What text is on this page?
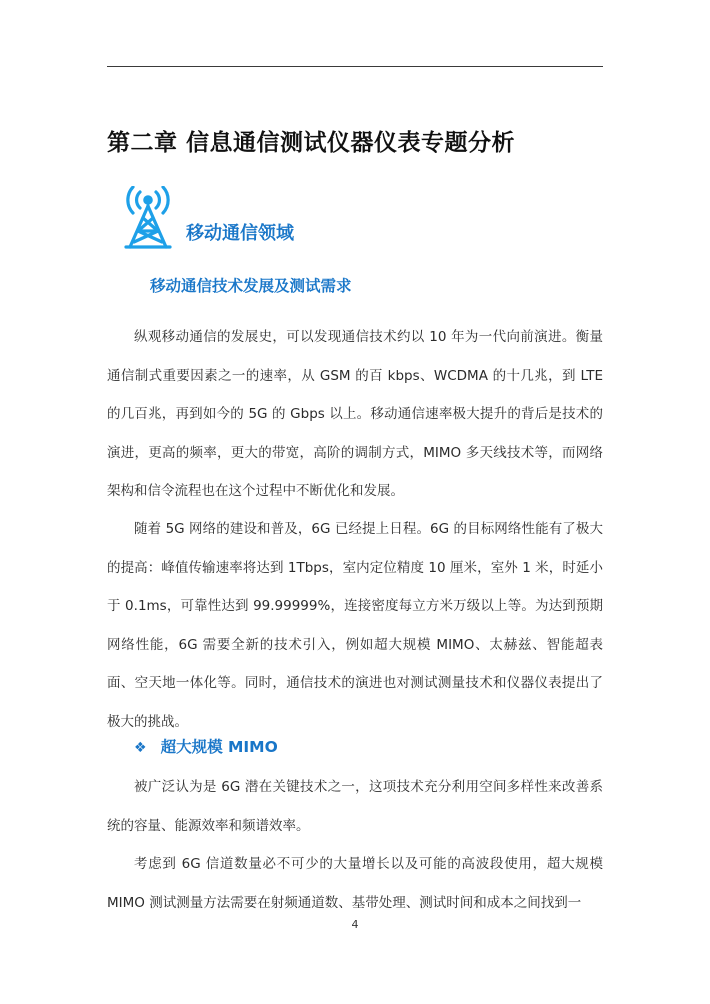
第二章 信息通信测试仪器仪表专题分析
移动通信领域
移动通信技术发展及测试需求

纵观移动通信的发展史，可以发现通信技术约以 10 年为一代向前演进。衡量通信制式重要因素之一的速率，从 GSM 的百 kbps、WCDMA 的十几兆，到 LTE 的几百兆，再到如今的 5G 的 Gbps 以上。移动通信速率极大提升的背后是技术的演进，更高的频率，更大的带宽，高阶的调制方式，MIMO 多天线技术等，而网络架构和信令流程也在这个过程中不断优化和发展。

随着 5G 网络的建设和普及，6G 已经提上日程。6G 的目标网络性能有了极大的提高：峰值传输速率将达到 1Tbps，室内定位精度 10 厘米，室外 1 米，时延小于 0.1ms，可靠性达到 99.99999%，连接密度每立方米万级以上等。为达到预期网络性能，6G 需要全新的技术引入，例如超大规模 MIMO、太赫兹、智能超表面、空天地一体化等。同时，通信技术的演进也对测试测量技术和仪器仪表提出了极大的挑战。

❖ 超大规模 MIMO

被广泛认为是 6G 潜在关键技术之一，这项技术充分利用空间多样性来改善系统的容量、能源效率和频谱效率。

考虑到 6G 信道数量必不可少的大量增长以及可能的高波段使用，超大规模 MIMO 测试测量方法需要在射频通道数、基带处理、测试时间和成本之间找到一

4
